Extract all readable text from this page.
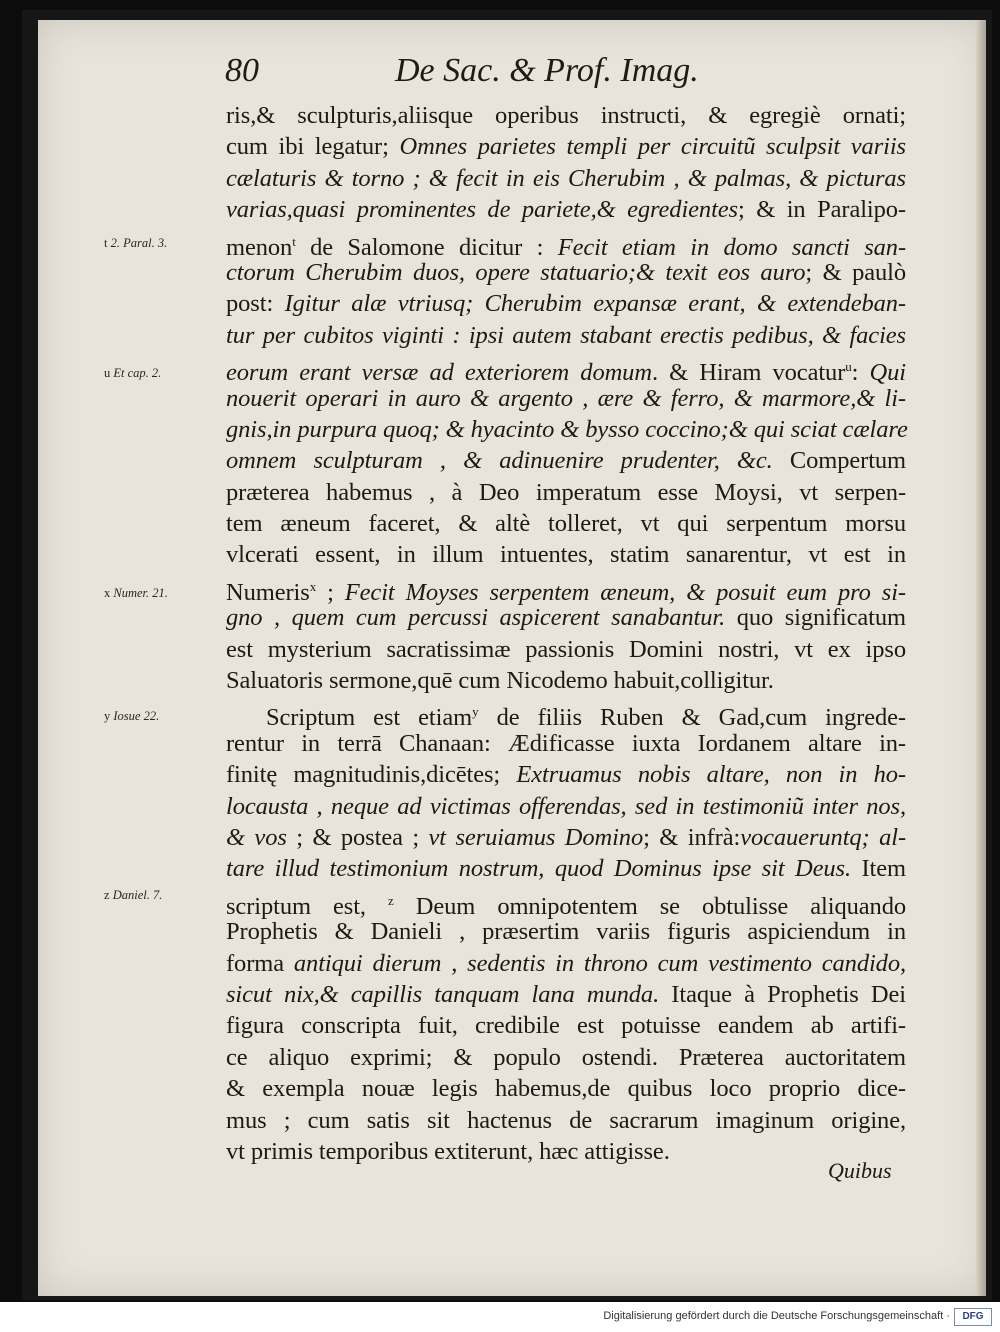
80	De Sac. & Prof. Imag.
ris,& sculpturis,aliisque operibus instructi, & egregiè ornati;
cum ibi legatur; Omnes parietes templi per circuitũ sculpsit variis
cælaturis & torno ; & fecit in eis Cherubim , & palmas, & picturas
varias,quasi prominentes de pariete,& egredientes; & in Paralipo-
menon$^t$ de Salomone dicitur : Fecit etiam in domo sancti san-
ctorum Cherubim duos, opere statuario;& texit eos auro; & paulò
post: Igitur alæ vtriusq; Cherubim expansæ erant, & extendeban-
tur per cubitos viginti : ipsi autem stabant erectis pedibus, & facies
eorum erant versæ ad exteriorem domum. & Hiram vocatur$^u$: Qui
nouerit operari in auro & argento , ære & ferro, & marmore,& li-
gnis,in purpura quoq; & hyacinto & bysso coccino;& qui sciat cælare
omnem sculpturam , & adinuenire prudenter, &c. Compertum
præterea habemus , à Deo imperatum esse Moysi, vt serpen-
tem æneum faceret, & altè tolleret, vt qui serpentum morsu
vlcerati essent, in illum intuentes, statim sanarentur, vt est in
Numeris$^x$ ; Fecit Moyses serpentem æneum, & posuit eum pro si-
gno , quem cum percussi aspicerent sanabantur. quo significatum
est mysterium sacratissimæ passionis Domini nostri, vt ex ipso
Saluatoris sermone,quē cum Nicodemo habuit,colligitur.
Scriptum est etiam$^y$ de filiis Ruben & Gad,cum ingrede-
rentur in terrā Chanaan: Ædificasse iuxta Iordanem altare in-
finitę magnitudinis,dicētes; Extruamus nobis altare, non in ho-
locausta , neque ad victimas offerendas, sed in testimoniũ inter nos,
& vos ; & postea ; vt seruiamus Domino; & infrà:vocaueruntq; al-
tare illud testimonium nostrum, quod Dominus ipse sit Deus. Item
scriptum est, $^z$ Deum omnipotentem se obtulisse aliquando
Prophetis & Danieli , præsertim variis figuris aspiciendum in
forma antiqui dierum , sedentis in throno cum vestimento candido,
sicut nix,& capillis tanquam lana munda. Itaque à Prophetis Dei
figura conscripta fuit, credibile est potuisse eandem ab artifi-
ce aliquo exprimi; & populo ostendi. Præterea auctoritatem
& exempla nouæ legis habemus,de quibus loco proprio dice-
mus ; cum satis sit hactenus de sacrarum imaginum origine,
vt primis temporibus extiterunt, hæc attigisse.
t 2. Paral. 3.
u Et cap. 2.
x Numer. 21.
y Iosue 22.
z Daniel. 7.
Quibus
Digitalisierung gefördert durch die Deutsche Forschungsgemeinschaft ·	DFG
